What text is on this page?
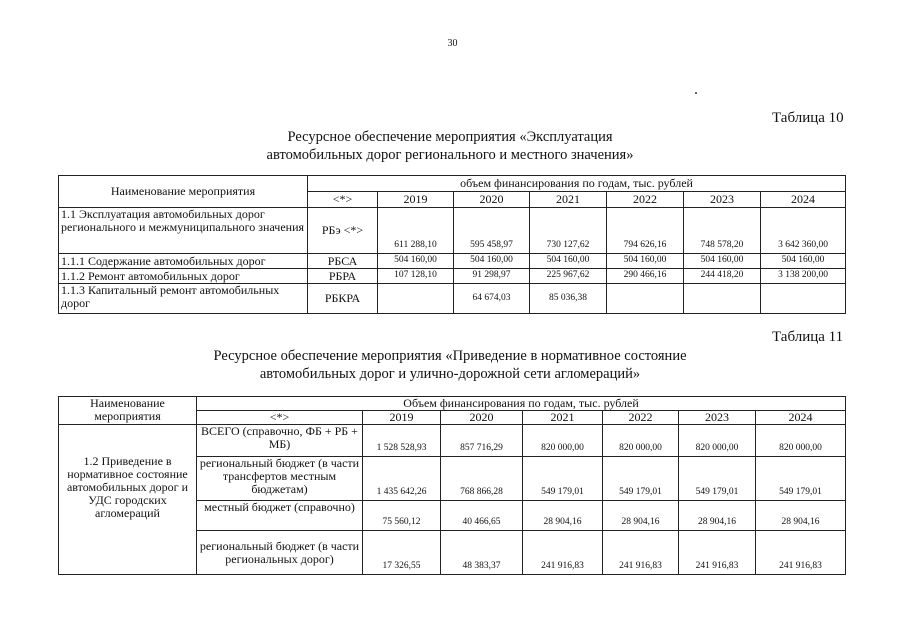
30
Таблица 10
Ресурсное обеспечение мероприятия «Эксплуатация
автомобильных дорог регионального и местного значения»
Наименование мероприятия	объем финансирования по годам, тыс. рублей						
	<*>	2019	2020	2021	2022	2023	2024
1.1 Эксплуатация автомобильных дорог регионального и межмуниципального значения	РБэ <*>	611 288,10	595 458,97	730 127,62	794 626,16	748 578,20	3 642 360,00
1.1.1 Содержание автомобильных дорог	РБСА	504 160,00	504 160,00	504 160,00	504 160,00	504 160,00	504 160,00
1.1.2 Ремонт автомобильных дорог	РБРА	107 128,10	91 298,97	225 967,62	290 466,16	244 418,20	3 138 200,00
1.1.3 Капитальный ремонт автомобильных дорог	РБКРА		64 674,03	85 036,38			
Таблица 11
Ресурсное обеспечение мероприятия «Приведение в нормативное состояние
автомобильных дорог и улично-дорожной сети агломераций»
Наименование мероприятия	Объем финансирования по годам, тыс. рублей						
	<*>	2019	2020	2021	2022	2023	2024
1.2 Приведение в нормативное состояние автомобильных дорог и УДС городских агломераций	ВСЕГО (справочно, ФБ + РБ + МБ)	1 528 528,93	857 716,29	820 000,00	820 000,00	820 000,00	820 000,00
	региональный бюджет (в части трансфертов местным бюджетам)	1 435 642,26	768 866,28	549 179,01	549 179,01	549 179,01	549 179,01
	местный бюджет (справочно)	75 560,12	40 466,65	28 904,16	28 904,16	28 904,16	28 904,16
	региональный бюджет (в части региональных дорог)	17 326,55	48 383,37	241 916,83	241 916,83	241 916,83	241 916,83
